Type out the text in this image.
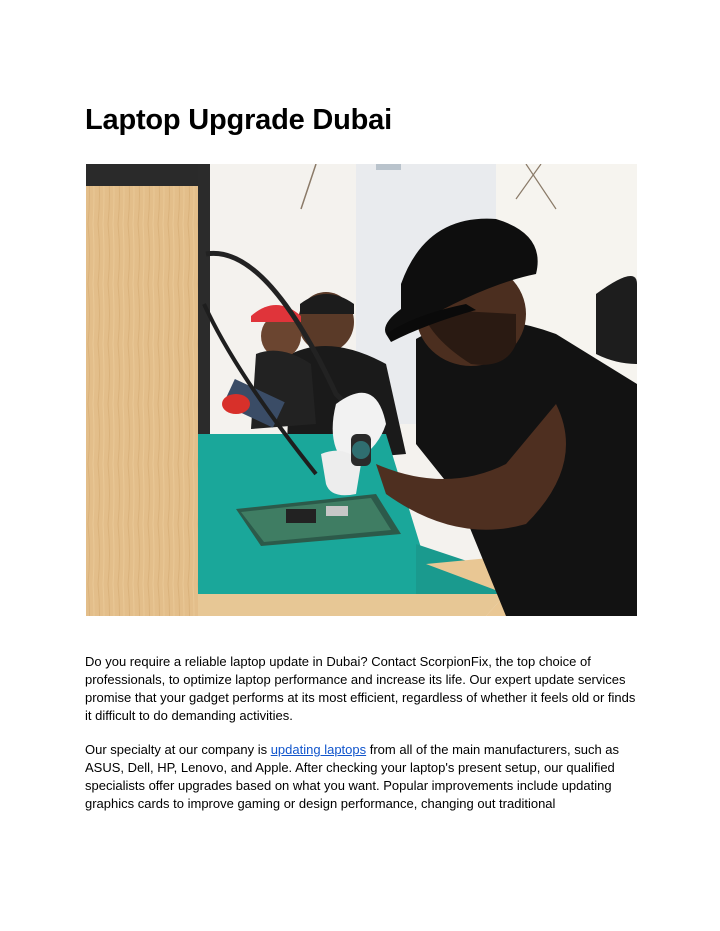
Laptop Upgrade Dubai

Do you require a reliable laptop update in Dubai? Contact ScorpionFix, the top choice of professionals, to optimize laptop performance and increase its life. Our expert update services promise that your gadget performs at its most efficient, regardless of whether it feels old or finds it difficult to do demanding activities.

Our specialty at our company is updating laptops from all of the main manufacturers, such as ASUS, Dell, HP, Lenovo, and Apple. After checking your laptop's present setup, our qualified specialists offer upgrades based on what you want. Popular improvements include updating graphics cards to improve gaming or design performance, changing out traditional
